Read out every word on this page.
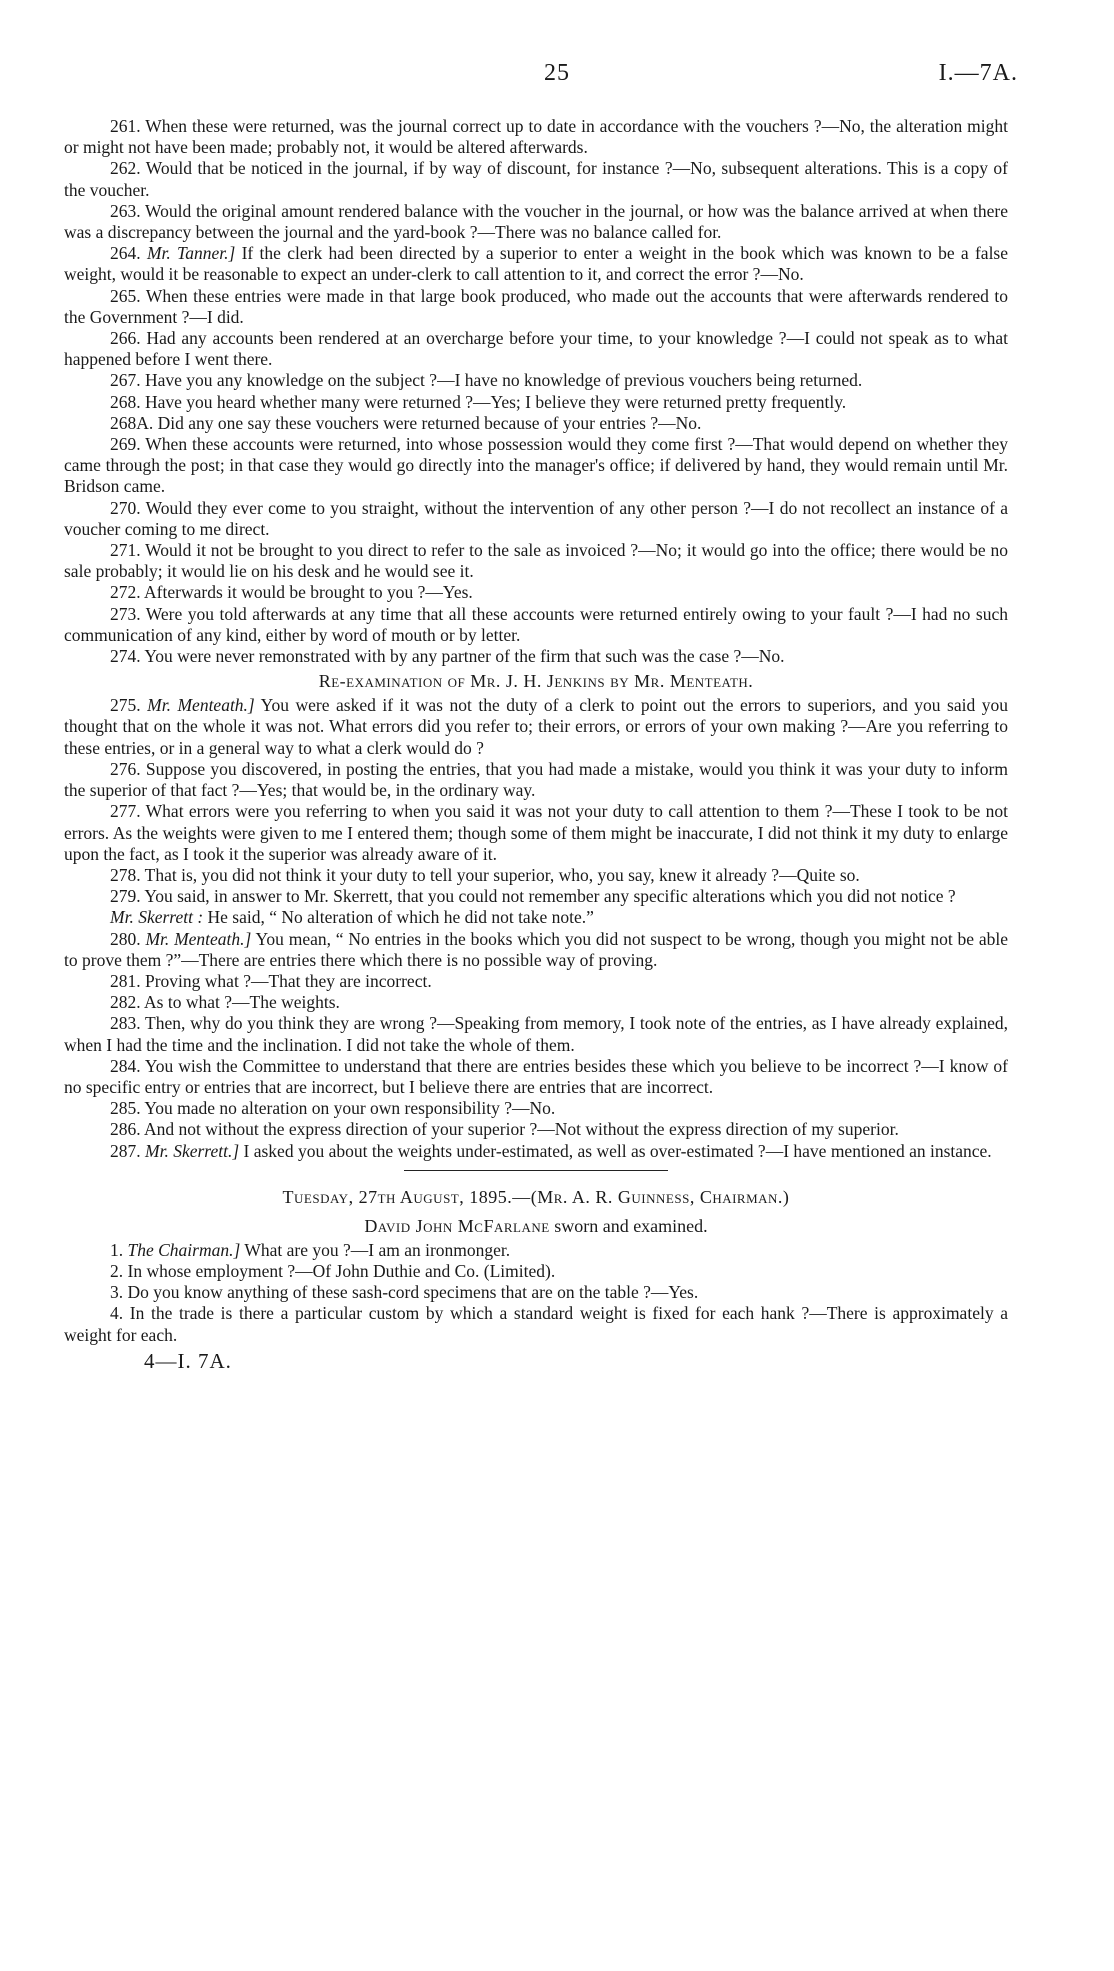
25	I.—7A.

261. When these were returned, was the journal correct up to date in accordance with the vouchers ?—No, the alteration might or might not have been made; probably not, it would be altered afterwards.

262. Would that be noticed in the journal, if by way of discount, for instance ?—No, subsequent alterations. This is a copy of the voucher.

263. Would the original amount rendered balance with the voucher in the journal, or how was the balance arrived at when there was a discrepancy between the journal and the yard-book ?—There was no balance called for.

264. Mr. Tanner.] If the clerk had been directed by a superior to enter a weight in the book which was known to be a false weight, would it be reasonable to expect an under-clerk to call attention to it, and correct the error ?—No.

265. When these entries were made in that large book produced, who made out the accounts that were afterwards rendered to the Government ?—I did.

266. Had any accounts been rendered at an overcharge before your time, to your knowledge ?—I could not speak as to what happened before I went there.

267. Have you any knowledge on the subject ?—I have no knowledge of previous vouchers being returned.

268. Have you heard whether many were returned ?—Yes; I believe they were returned pretty frequently.

268A. Did any one say these vouchers were returned because of your entries ?—No.

269. When these accounts were returned, into whose possession would they come first ?—That would depend on whether they came through the post; in that case they would go directly into the manager's office; if delivered by hand, they would remain until Mr. Bridson came.

270. Would they ever come to you straight, without the intervention of any other person ?—I do not recollect an instance of a voucher coming to me direct.

271. Would it not be brought to you direct to refer to the sale as invoiced ?—No; it would go into the office; there would be no sale probably; it would lie on his desk and he would see it.

272. Afterwards it would be brought to you ?—Yes.

273. Were you told afterwards at any time that all these accounts were returned entirely owing to your fault ?—I had no such communication of any kind, either by word of mouth or by letter.

274. You were never remonstrated with by any partner of the firm that such was the case ?—No.

Re-examination of Mr. J. H. Jenkins by Mr. Menteath.

275. Mr. Menteath.] You were asked if it was not the duty of a clerk to point out the errors to superiors, and you said you thought that on the whole it was not. What errors did you refer to; their errors, or errors of your own making ?—Are you referring to these entries, or in a general way to what a clerk would do ?

276. Suppose you discovered, in posting the entries, that you had made a mistake, would you think it was your duty to inform the superior of that fact ?—Yes; that would be, in the ordinary way.

277. What errors were you referring to when you said it was not your duty to call attention to them ?—These I took to be not errors. As the weights were given to me I entered them; though some of them might be inaccurate, I did not think it my duty to enlarge upon the fact, as I took it the superior was already aware of it.

278. That is, you did not think it your duty to tell your superior, who, you say, knew it already ?—Quite so.

279. You said, in answer to Mr. Skerrett, that you could not remember any specific alterations which you did not notice ?

Mr. Skerrett : He said, “ No alteration of which he did not take note.”

280. Mr. Menteath.] You mean, “ No entries in the books which you did not suspect to be wrong, though you might not be able to prove them ?”—There are entries there which there is no possible way of proving.

281. Proving what ?—That they are incorrect.

282. As to what ?—The weights.

283. Then, why do you think they are wrong ?—Speaking from memory, I took note of the entries, as I have already explained, when I had the time and the inclination. I did not take the whole of them.

284. You wish the Committee to understand that there are entries besides these which you believe to be incorrect ?—I know of no specific entry or entries that are incorrect, but I believe there are entries that are incorrect.

285. You made no alteration on your own responsibility ?—No.

286. And not without the express direction of your superior ?—Not without the express direction of my superior.

287. Mr. Skerrett.] I asked you about the weights under-estimated, as well as over-estimated ?—I have mentioned an instance.

Tuesday, 27th August, 1895.—(Mr. A. R. Guinness, Chairman.)

David John McFarlane sworn and examined.

1. The Chairman.] What are you ?—I am an ironmonger.

2. In whose employment ?—Of John Duthie and Co. (Limited).

3. Do you know anything of these sash-cord specimens that are on the table ?—Yes.

4. In the trade is there a particular custom by which a standard weight is fixed for each hank ?—There is approximately a weight for each.

4—I. 7A.
